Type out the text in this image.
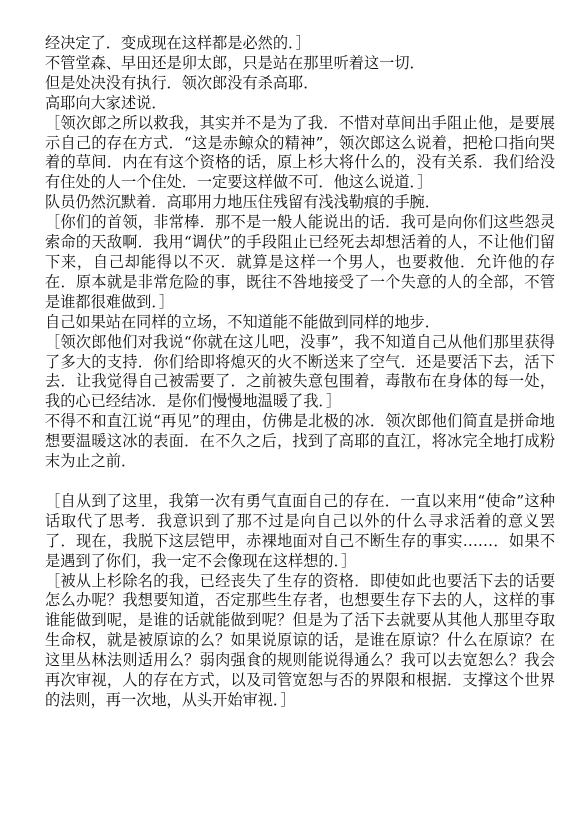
经决定了．变成现在这样都是必然的．］

不管堂森、早田还是卯太郎，只是站在那里听着这一切．

但是处决没有执行．领次郎没有杀高耶．

高耶向大家述说．

［领次郎之所以救我，其实并不是为了我．不惜对草间出手阻止他，是要展示自己的存在方式．“这是赤鲸众的精神”，领次郎这么说着，把枪口指向哭着的草间．内在有这个资格的话，原上杉大将什么的，没有关系．我们给没有住处的人一个住处．一定要这样做不可．他这么说道．］

队员仍然沉默着．高耶用力地压住残留有浅浅勒痕的手腕．

［你们的首领，非常棒．那不是一般人能说出的话．我可是向你们这些怨灵索命的天敌啊．我用“调伏”的手段阻止已经死去却想活着的人，不让他们留下来，自己却能得以不灭．就算是这样一个男人，也要救他．允许他的存在．原本就是非常危险的事，既往不咎地接受了一个失意的人的全部，不管是谁都很难做到．］

自己如果站在同样的立场，不知道能不能做到同样的地步．

［领次郎他们对我说“你就在这儿吧，没事”，我不知道自己从他们那里获得了多大的支持．你们给即将熄灭的火不断送来了空气．还是要活下去，活下去．让我觉得自己被需要了．之前被失意包围着，毒散布在身体的每一处，我的心已经结冰．是你们慢慢地温暖了我．］

不得不和直江说“再见”的理由，仿佛是北极的冰．领次郎他们简直是拼命地想要温暖这冰的表面．在不久之后，找到了高耶的直江，将冰完全地打成粉末为止之前．

［自从到了这里，我第一次有勇气直面自己的存在．一直以来用“使命”这种话取代了思考．我意识到了那不过是向自己以外的什么寻求活着的意义罢了．现在，我脱下这层铠甲，赤裸地面对自己不断生存的事实……．如果不是遇到了你们，我一定不会像现在这样想的．］

［被从上杉除名的我，已经丧失了生存的资格．即使如此也要活下去的话要怎么办呢？我想要知道，否定那些生存者，也想要生存下去的人，这样的事谁能做到呢，是谁的话就能做到呢？但是为了活下去就要从其他人那里夺取生命权，就是被原谅的么？如果说原谅的话，是谁在原谅？什么在原谅？在这里丛林法则适用么？弱肉强食的规则能说得通么？我可以去宽恕么？我会再次审视，人的存在方式，以及司管宽恕与否的界限和根据．支撑这个世界的法则，再一次地，从头开始审视．］
